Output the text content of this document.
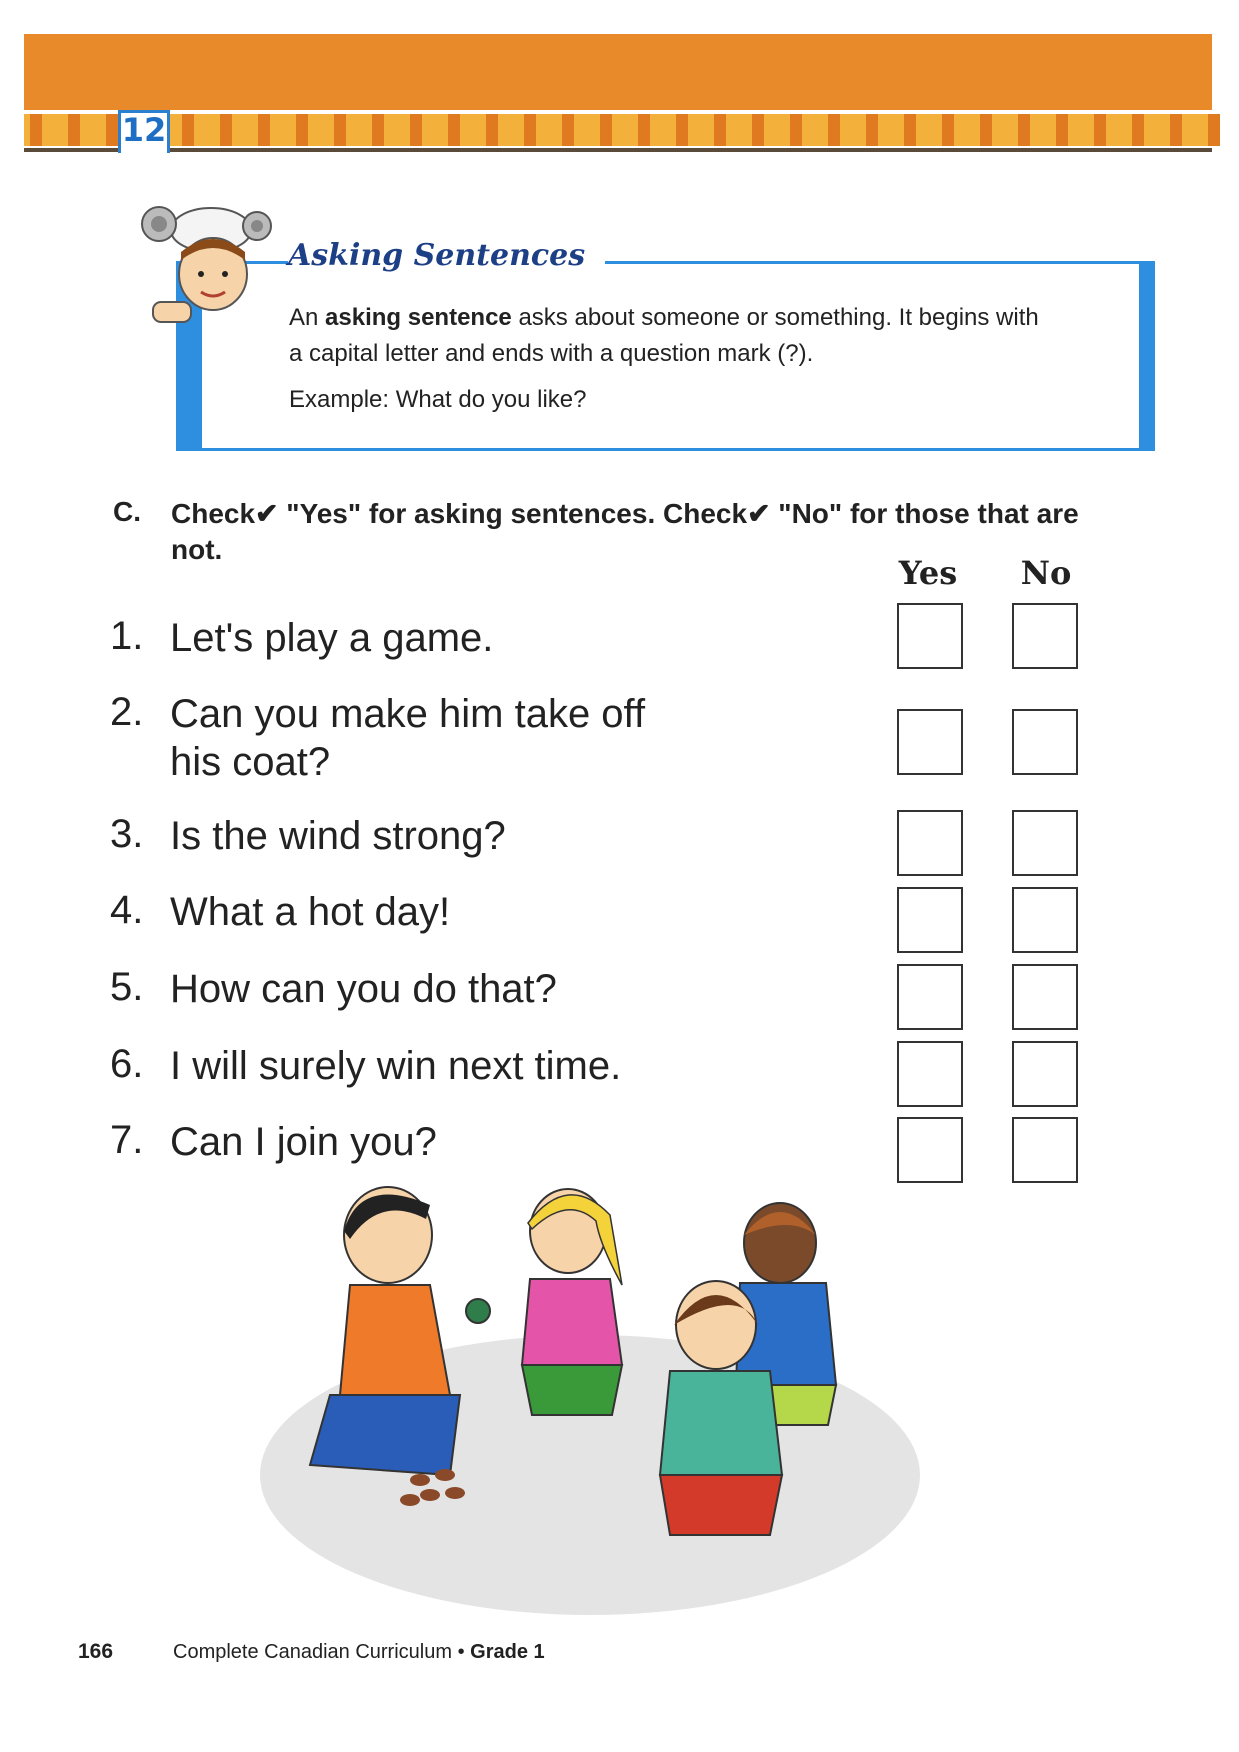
12
Asking Sentences
An asking sentence asks about someone or something. It begins with a capital letter and ends with a question mark (?).
Example: What do you like?
C. Check✔ "Yes" for asking sentences. Check✔ "No" for those that are not.
Yes	No
1. Let's play a game.
2. Can you make him take off his coat?
3. Is the wind strong?
4. What a hot day!
5. How can you do that?
6. I will surely win next time.
7. Can I join you?
166	Complete Canadian Curriculum • Grade 1
